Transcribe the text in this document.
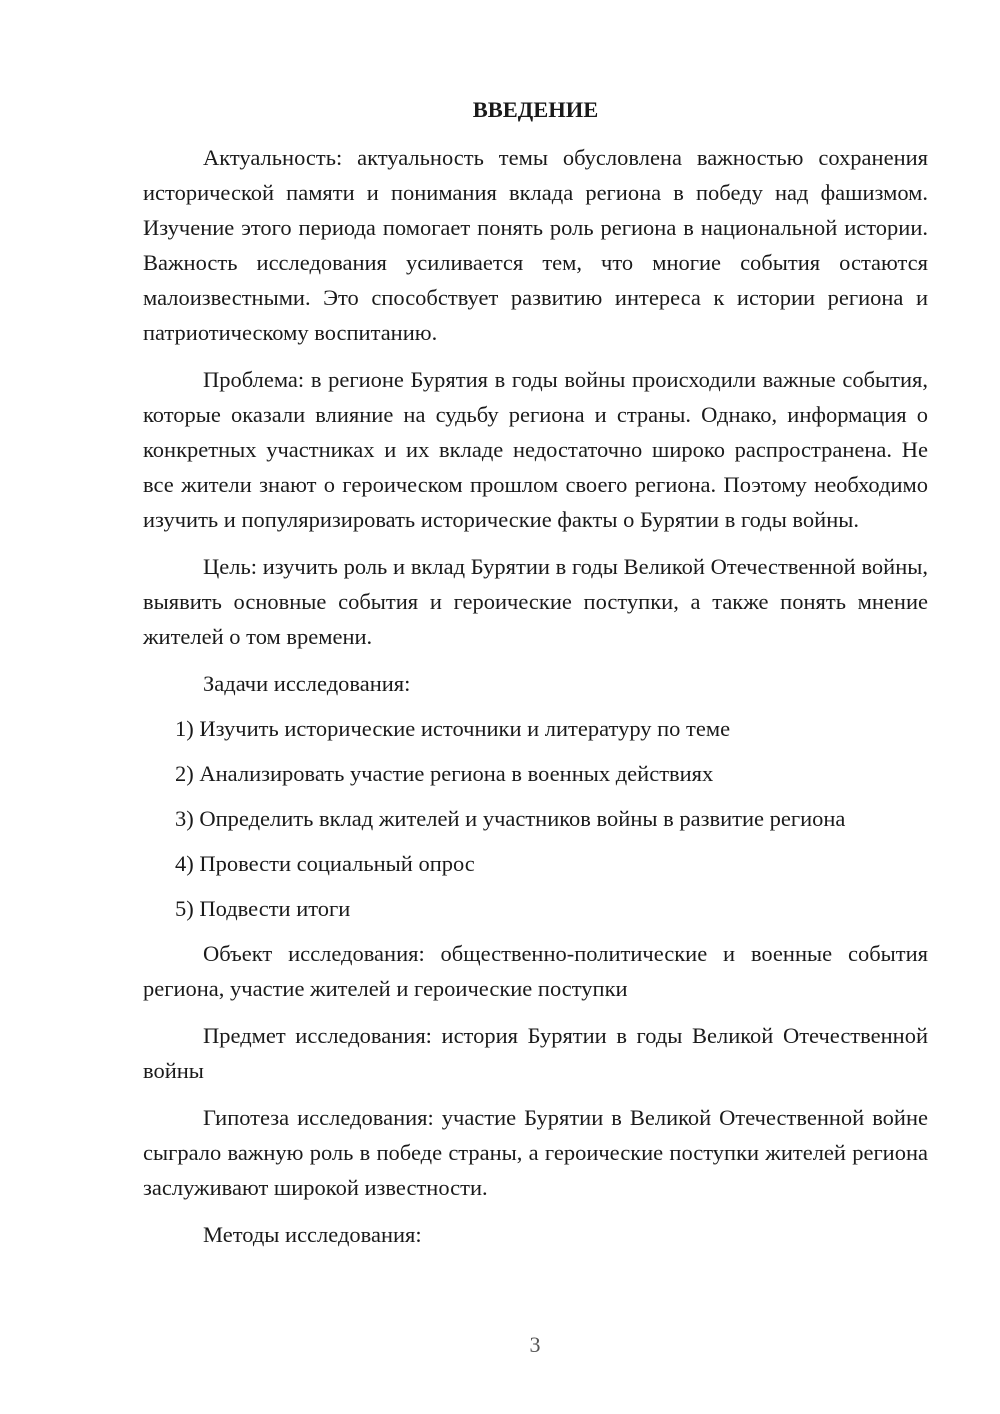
ВВЕДЕНИЕ

Актуальность: актуальность темы обусловлена важностью сохранения исторической памяти и понимания вклада региона в победу над фашизмом. Изучение этого периода помогает понять роль региона в национальной истории. Важность исследования усиливается тем, что многие события остаются малоизвестными. Это способствует развитию интереса к истории региона и патриотическому воспитанию.

Проблема: в регионе Бурятия в годы войны происходили важные события, которые оказали влияние на судьбу региона и страны. Однако, информация о конкретных участниках и их вкладе недостаточно широко распространена. Не все жители знают о героическом прошлом своего региона. Поэтому необходимо изучить и популяризировать исторические факты о Бурятии в годы войны.

Цель: изучить роль и вклад Бурятии в годы Великой Отечественной войны, выявить основные события и героические поступки, а также понять мнение жителей о том времени.

Задачи исследования:

1) Изучить исторические источники и литературу по теме
2) Анализировать участие региона в военных действиях
3) Определить вклад жителей и участников войны в развитие региона
4) Провести социальный опрос
5) Подвести итоги

Объект исследования: общественно-политические и военные события региона, участие жителей и героические поступки

Предмет исследования: история Бурятии в годы Великой Отечественной войны

Гипотеза исследования: участие Бурятии в Великой Отечественной войне сыграло важную роль в победе страны, а героические поступки жителей региона заслуживают широкой известности.

Методы исследования:

3
